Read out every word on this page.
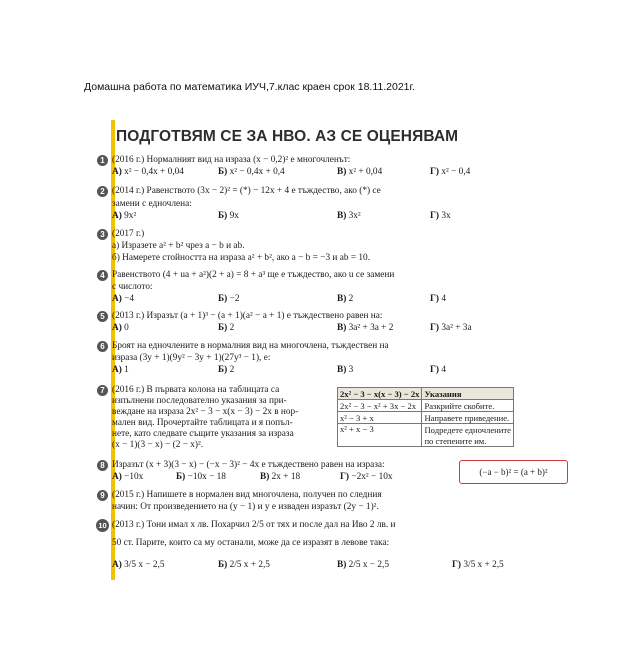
Домашна работа по математика ИУЧ,7.клас краен срок 18.11.2021г.
ПОДГОТВЯМ СЕ ЗА НВО. АЗ СЕ ОЦЕНЯВАМ
1 (2016 г.) Нормалният вид на израза (x − 0,2)² е многочленът:
А) x² − 0,4x + 0,04	Б) x² − 0,4x + 0,4	В) x² + 0,04	Г) x² − 0,4
2 (2014 г.) Равенството (3x − 2)² = (*) − 12x + 4 е тъждество, ако (*) се
замени с едночлена:
А) 9x²	Б) 9x	В) 3x²	Г) 3x
3 (2017 г.)
а) Изразете a² + b² чрез a − b и ab.
б) Намерете стойността на израза a² + b², ако a − b = −3 и ab = 10.
4 Равенството (4 + ua + a²)(2 + a) = 8 + a³ ще е тъждество, ако u се замени
с числото:
А) −4	Б) −2	В) 2	Г) 4
5 (2013 г.) Изразът (a + 1)³ − (a + 1)(a² − a + 1) е тъждествено равен на:
А) 0	Б) 2	В) 3a² + 3a + 2	Г) 3a² + 3a
6 Броят на едночлените в нормалния вид на многочлена, тъждествен на
израза (3y + 1)(9y² − 3y + 1)(27y³ − 1), е:
А) 1	Б) 2	В) 3	Г) 4
7 (2016 г.) В първата колона на таблицата са
изпълнени последователно указания за при-
веждане на израза 2x² − 3 − x(x − 3) − 2x в нор-
мален вид. Прочертайте таблицата и я попъл-
нете, като следвате същите указания за израза
(x − 1)(3 − x) − (2 − x)².
2x² − 3 − x(x − 3) − 2x	Указания
2x² − 3 − x² + 3x − 2x	Разкрийте скобите.
x² − 3 + x	Направете приведение.
x² + x − 3	Подредете едночлените
	по степените им.
8 Изразът (x + 3)(3 − x) − (−x − 3)² − 4x е тъждествено равен на израза:
А) −10x	Б) −10x − 18	В) 2x + 18	Г) −2x² − 10x	(−a − b)² = (a + b)²
9 (2015 г.) Напишете в нормален вид многочлена, получен по следния
начин: От произведението на (y − 1) и y е изваден изразът (2y − 1)².
10 (2013 г.) Тони имал x лв. Похарчил 2/5 от тях и после дал на Иво 2 лв. и
50 ст. Парите, които са му останали, може да се изразят в левове така:
А) 3/5 x − 2,5	Б) 2/5 x + 2,5	В) 2/5 x − 2,5	Г) 3/5 x + 2,5
